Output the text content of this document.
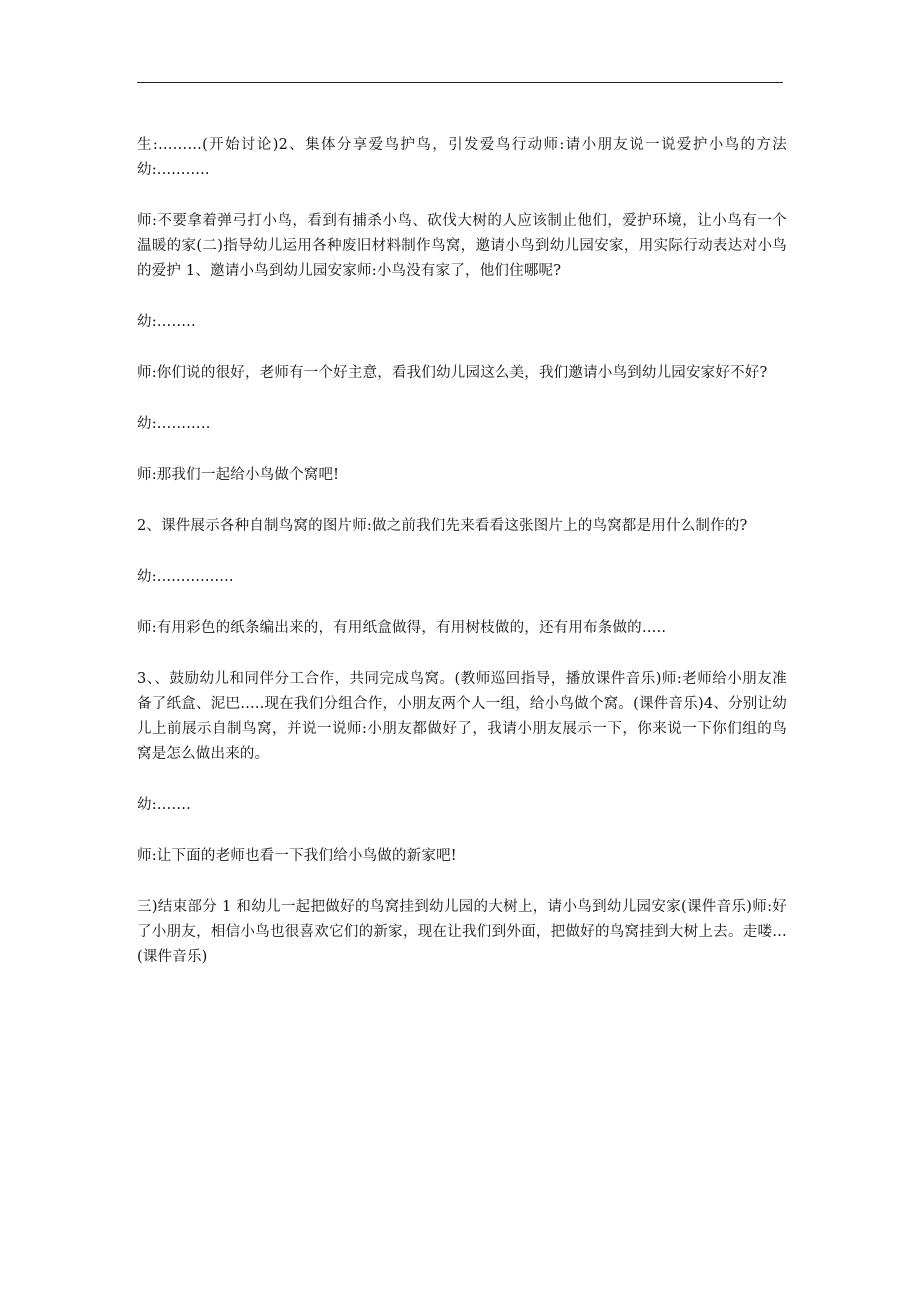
生:………(开始讨论)2、集体分享爱鸟护鸟，引发爱鸟行动师:请小朋友说一说爱护小鸟的方法幼:...........

师:不要拿着弹弓打小鸟，看到有捕杀小鸟、砍伐大树的人应该制止他们，爱护环境，让小鸟有一个温暖的家(二)指导幼儿运用各种废旧材料制作鸟窝，邀请小鸟到幼儿园安家，用实际行动表达对小鸟的爱护 1、邀请小鸟到幼儿园安家师:小鸟没有家了，他们住哪呢?

幼:……..

师:你们说的很好，老师有一个好主意，看我们幼儿园这么美，我们邀请小鸟到幼儿园安家好不好?

幼:………..

师:那我们一起给小鸟做个窝吧!

2、课件展示各种自制鸟窝的图片师:做之前我们先来看看这张图片上的鸟窝都是用什么制作的?

幼:................

师:有用彩色的纸条编出来的，有用纸盒做得，有用树枝做的，还有用布条做的…..

3、、鼓励幼儿和同伴分工合作，共同完成鸟窝。(教师巡回指导，播放课件音乐)师:老师给小朋友准备了纸盒、泥巴…..现在我们分组合作，小朋友两个人一组，给小鸟做个窝。(课件音乐)4、分别让幼儿上前展示自制鸟窝，并说一说师:小朋友都做好了，我请小朋友展示一下，你来说一下你们组的鸟窝是怎么做出来的。

幼:…….

师:让下面的老师也看一下我们给小鸟做的新家吧!

三)结束部分 1 和幼儿一起把做好的鸟窝挂到幼儿园的大树上，请小鸟到幼儿园安家(课件音乐)师:好了小朋友，相信小鸟也很喜欢它们的新家，现在让我们到外面，把做好的鸟窝挂到大树上去。走喽…(课件音乐)
